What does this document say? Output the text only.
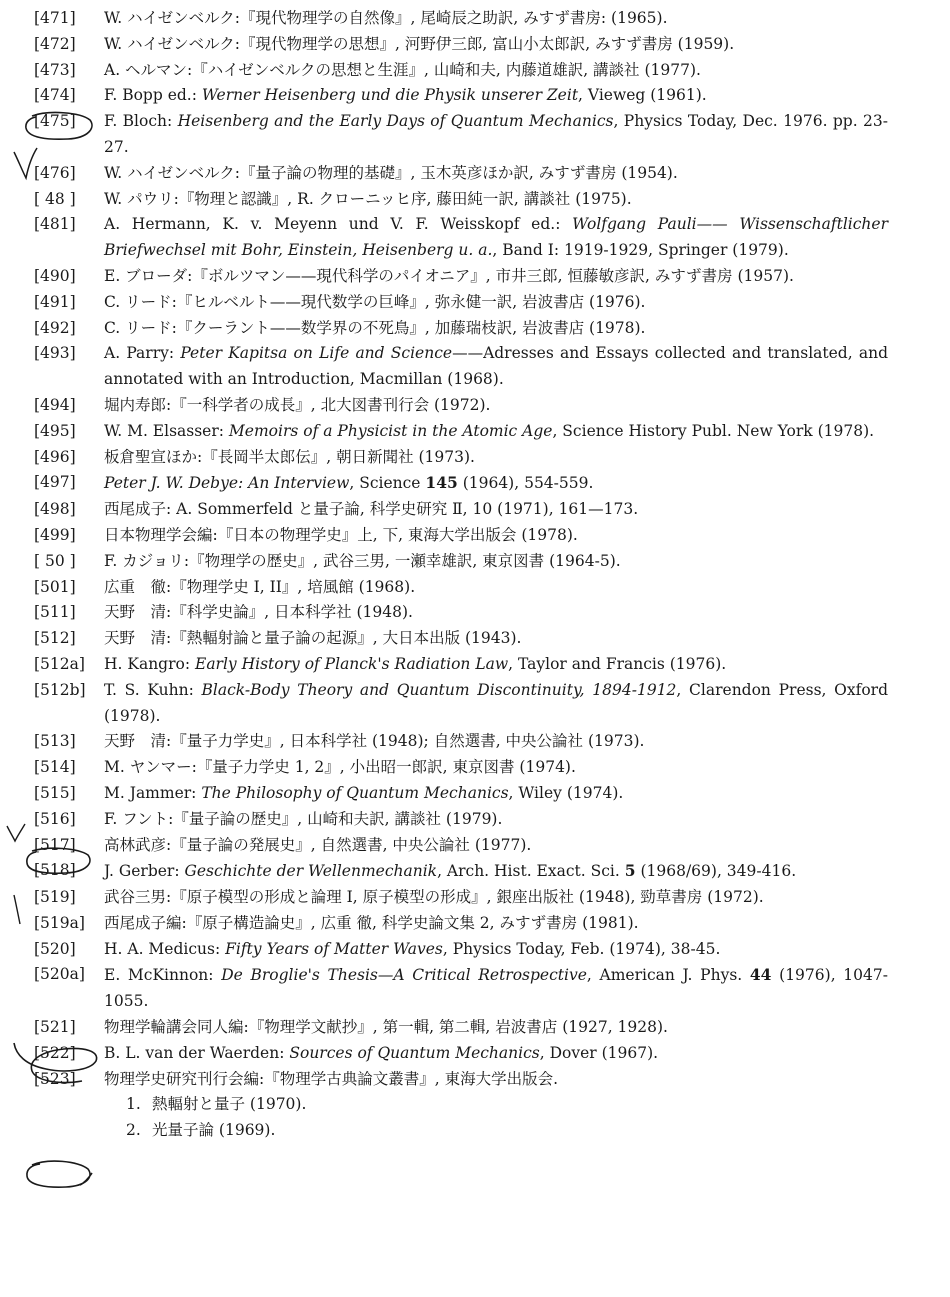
[471]	W. ハイゼンベルク:『現代物理学の自然像』, 尾崎辰之助訳, みすず書房: (1965).
[472]	W. ハイゼンベルク:『現代物理学の思想』, 河野伊三郎, 富山小太郎訳, みすず書房 (1959).
[473]	A. ヘルマン:『ハイゼンベルクの思想と生涯』, 山崎和夫, 内藤道雄訳, 講談社 (1977).
[474]	F. Bopp ed.: Werner Heisenberg und die Physik unserer Zeit, Vieweg (1961).
[475]	F. Bloch: Heisenberg and the Early Days of Quantum Mechanics, Physics Today, Dec. 1976. pp. 23-27.
[476]	W. ハイゼンベルク:『量子論の物理的基礎』, 玉木英彦ほか訳, みすず書房 (1954).
[ 48 ]	W. パウリ:『物理と認識』, R. クローニッヒ序, 藤田純一訳, 講談社 (1975).
[481]	A. Hermann, K. v. Meyenn und V. F. Weisskopf ed.: Wolfgang Pauli—— Wissenschaftlicher Briefwechsel mit Bohr, Einstein, Heisenberg u. a., Band I: 1919-1929, Springer (1979).
[490]	E. ブローダ:『ボルツマン——現代科学のパイオニア』, 市井三郎, 恒藤敏彦訳, みすず書房 (1957).
[491]	C. リード:『ヒルベルト——現代数学の巨峰』, 弥永健一訳, 岩波書店 (1976).
[492]	C. リード:『クーラント——数学界の不死鳥』, 加藤瑞枝訳, 岩波書店 (1978).
[493]	A. Parry: Peter Kapitsa on Life and Science——Adresses and Essays collected and translated, and annotated with an Introduction, Macmillan (1968).
[494]	堀内寿郎:『一科学者の成長』, 北大図書刊行会 (1972).
[495]	W. M. Elsasser: Memoirs of a Physicist in the Atomic Age, Science History Publ. New York (1978).
[496]	板倉聖宣ほか:『長岡半太郎伝』, 朝日新聞社 (1973).
[497]	Peter J. W. Debye: An Interview, Science 145 (1964), 554-559.
[498]	西尾成子: A. Sommerfeld と量子論, 科学史研究 Ⅱ, 10 (1971), 161—173.
[499]	日本物理学会編:『日本の物理学史』上, 下, 東海大学出版会 (1978).
[ 50 ]	F. カジョリ:『物理学の歴史』, 武谷三男, 一瀬幸雄訳, 東京図書 (1964-5).
[501]	広重　徹:『物理学史 I, II』, 培風館 (1968).
[511]	天野　清:『科学史論』, 日本科学社 (1948).
[512]	天野　清:『熱輻射論と量子論の起源』, 大日本出版 (1943).
[512a]	H. Kangro: Early History of Planck's Radiation Law, Taylor and Francis (1976).
[512b]	T. S. Kuhn: Black-Body Theory and Quantum Discontinuity, 1894-1912, Clarendon Press, Oxford (1978).
[513]	天野　清:『量子力学史』, 日本科学社 (1948); 自然選書, 中央公論社 (1973).
[514]	M. ヤンマー:『量子力学史 1, 2』, 小出昭一郎訳, 東京図書 (1974).
[515]	M. Jammer: The Philosophy of Quantum Mechanics, Wiley (1974).
[516]	F. フント:『量子論の歴史』, 山崎和夫訳, 講談社 (1979).
[517]	高林武彦:『量子論の発展史』, 自然選書, 中央公論社 (1977).
[518]	J. Gerber: Geschichte der Wellenmechanik, Arch. Hist. Exact. Sci. 5 (1968/69), 349-416.
[519]	武谷三男:『原子模型の形成と論理 I, 原子模型の形成』, 銀座出版社 (1948), 勁草書房 (1972).
[519a]	西尾成子編:『原子構造論史』, 広重 徹, 科学史論文集 2, みすず書房 (1981).
[520]	H. A. Medicus: Fifty Years of Matter Waves, Physics Today, Feb. (1974), 38-45.
[520a]	E. McKinnon: De Broglie's Thesis—A Critical Retrospective, American J. Phys. 44 (1976), 1047-1055.
[521]	物理学輪講会同人編:『物理学文献抄』, 第一輯, 第二輯, 岩波書店 (1927, 1928).
[522]	B. L. van der Waerden: Sources of Quantum Mechanics, Dover (1967).
[523]	物理学史研究刊行会編:『物理学古典論文叢書』, 東海大学出版会.
1. 熱輻射と量子 (1970).
2. 光量子論 (1969).
